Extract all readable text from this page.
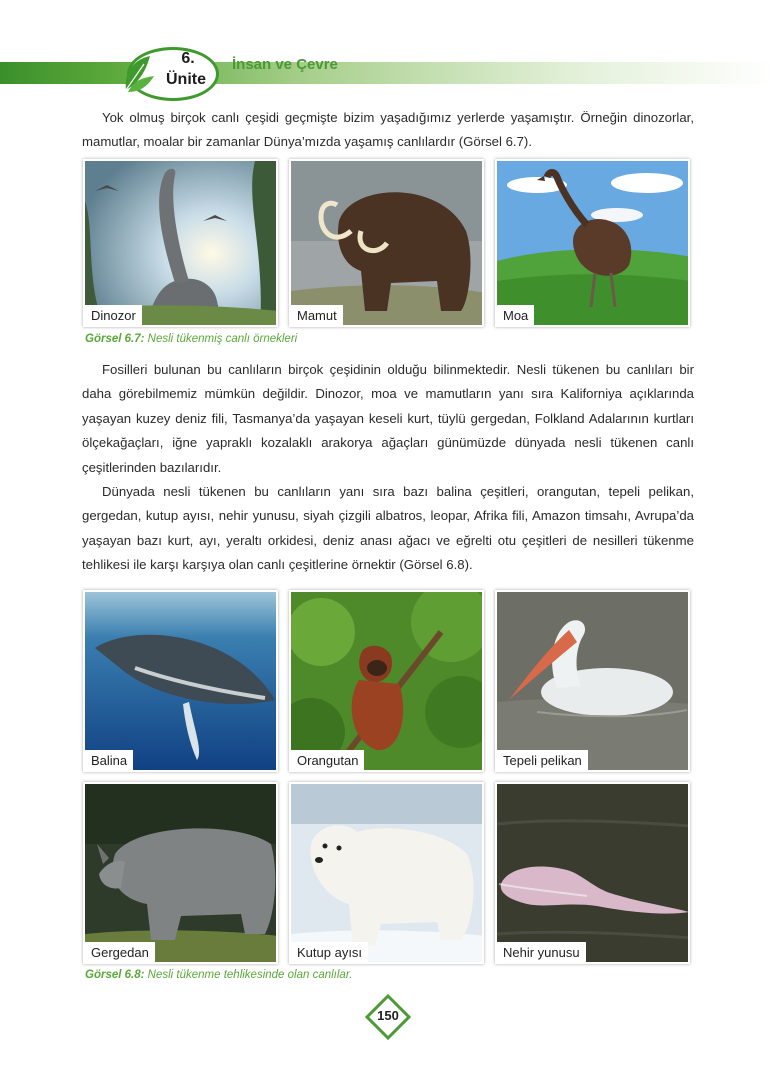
6.
Ünite
İnsan ve Çevre

Yok olmuş birçok canlı çeşidi geçmişte bizim yaşadığımız yerlerde yaşamıştır. Örneğin dinozorlar, mamutlar, moalar bir zamanlar Dünya’mızda yaşamış canlılardır (Görsel 6.7).

Dinozor	Mamut	Moa
Görsel 6.7: Nesli tükenmiş canlı örnekleri

Fosilleri bulunan bu canlıların birçok çeşidinin olduğu bilinmektedir. Nesli tükenen bu canlıları bir daha görebilmemiz mümkün değildir. Dinozor, moa ve mamutların yanı sıra Kaliforniya açıklarında yaşayan kuzey deniz fili, Tasmanya’da yaşayan keseli kurt, tüylü gergedan, Folkland Adalarının kurtları ölçekağaçları, iğne yapraklı kozalaklı arakorya ağaçları günümüzde dünyada nesli tükenen canlı çeşitlerinden bazılarıdır.

Dünyada nesli tükenen bu canlıların yanı sıra bazı balina çeşitleri, orangutan, tepeli pelikan, gergedan, kutup ayısı, nehir yunusu, siyah çizgili albatros, leopar, Afrika fili, Amazon timsahı, Avrupa’da yaşayan bazı kurt, ayı, yeraltı orkidesi, deniz anası ağacı ve eğrelti otu çeşitleri de nesilleri tükenme tehlikesi ile karşı karşıya olan canlı çeşitlerine örnektir (Görsel 6.8).

Balina	Orangutan	Tepeli pelikan
Gergedan	Kutup ayısı	Nehir yunusu
Görsel 6.8: Nesli tükenme tehlikesinde olan canlılar.
150
